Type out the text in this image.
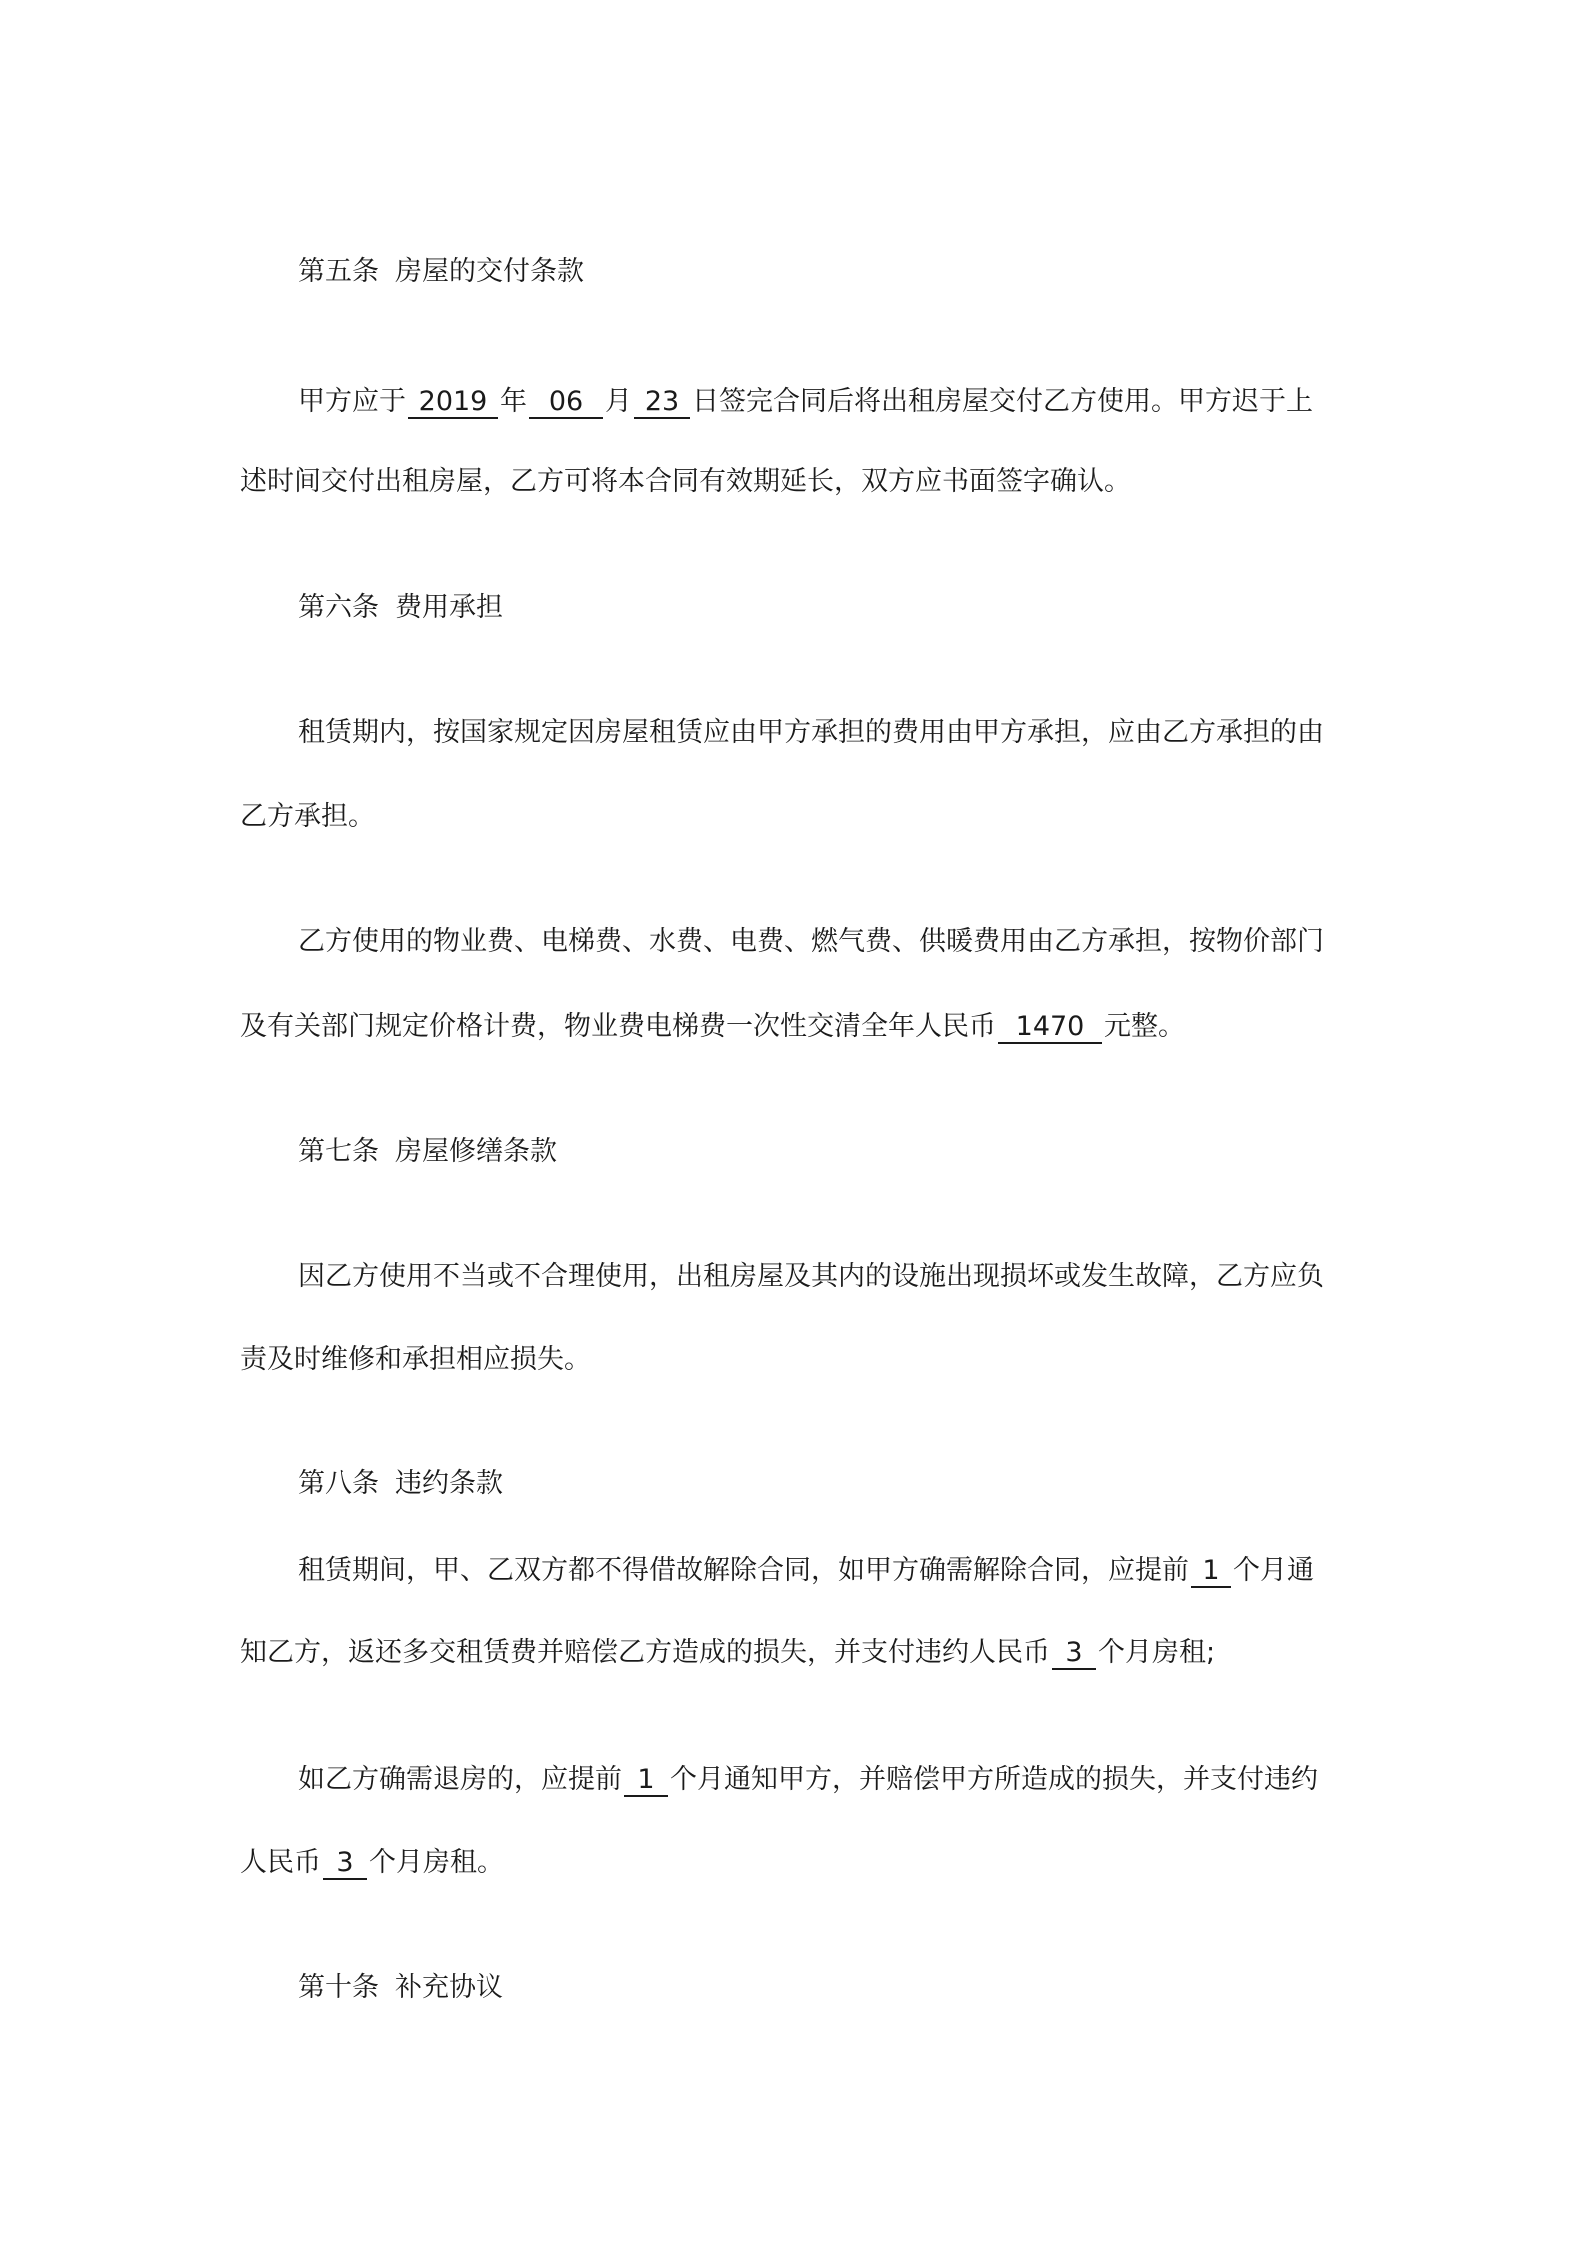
第五条 房屋的交付条款
甲方应于 2019 年 06 月 23 日签完合同后将出租房屋交付乙方使用。甲方迟于上
述时间交付出租房屋，乙方可将本合同有效期延长，双方应书面签字确认。
第六条 费用承担
租赁期内，按国家规定因房屋租赁应由甲方承担的费用由甲方承担，应由乙方承担的由
乙方承担。
乙方使用的物业费、电梯费、水费、电费、燃气费、供暖费用由乙方承担，按物价部门
及有关部门规定价格计费，物业费电梯费一次性交清全年人民币 1470 元整。
第七条 房屋修缮条款
因乙方使用不当或不合理使用，出租房屋及其内的设施出现损坏或发生故障，乙方应负
责及时维修和承担相应损失。
第八条 违约条款
租赁期间，甲、乙双方都不得借故解除合同，如甲方确需解除合同，应提前 1 个月通
知乙方，返还多交租赁费并赔偿乙方造成的损失，并支付违约人民币 3 个月房租;
如乙方确需退房的，应提前 1 个月通知甲方，并赔偿甲方所造成的损失，并支付违约
人民币 3 个月房租。
第十条 补充协议
